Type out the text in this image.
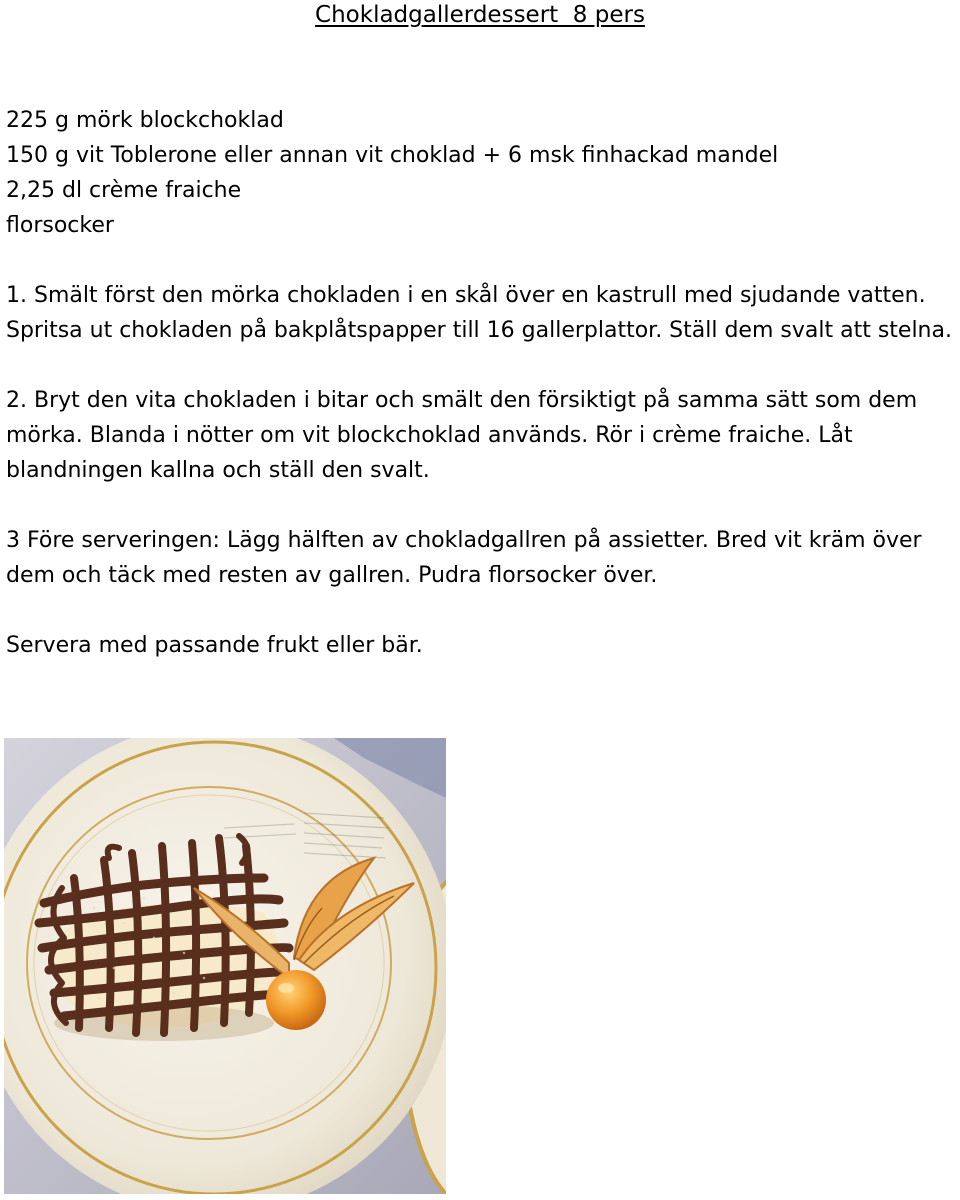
Chokladgallerdessert  8 pers
225 g mörk blockchoklad
150 g vit Toblerone eller annan vit choklad + 6 msk finhackad mandel
2,25 dl crème fraiche
florsocker

1. Smält först den mörka chokladen i en skål över en kastrull med sjudande vatten. Spritsa ut chokladen på bakplåtspapper till 16 gallerplattor. Ställ dem svalt att stelna.

2. Bryt den vita chokladen i bitar och smält den försiktigt på samma sätt som dem mörka. Blanda i nötter om vit blockchoklad används. Rör i crème fraiche. Låt blandningen kallna och ställ den svalt.

3 Före serveringen: Lägg hälften av chokladgallren på assietter. Bred vit kräm över dem och täck med resten av gallren. Pudra florsocker över.

Servera med passande frukt eller bär.
